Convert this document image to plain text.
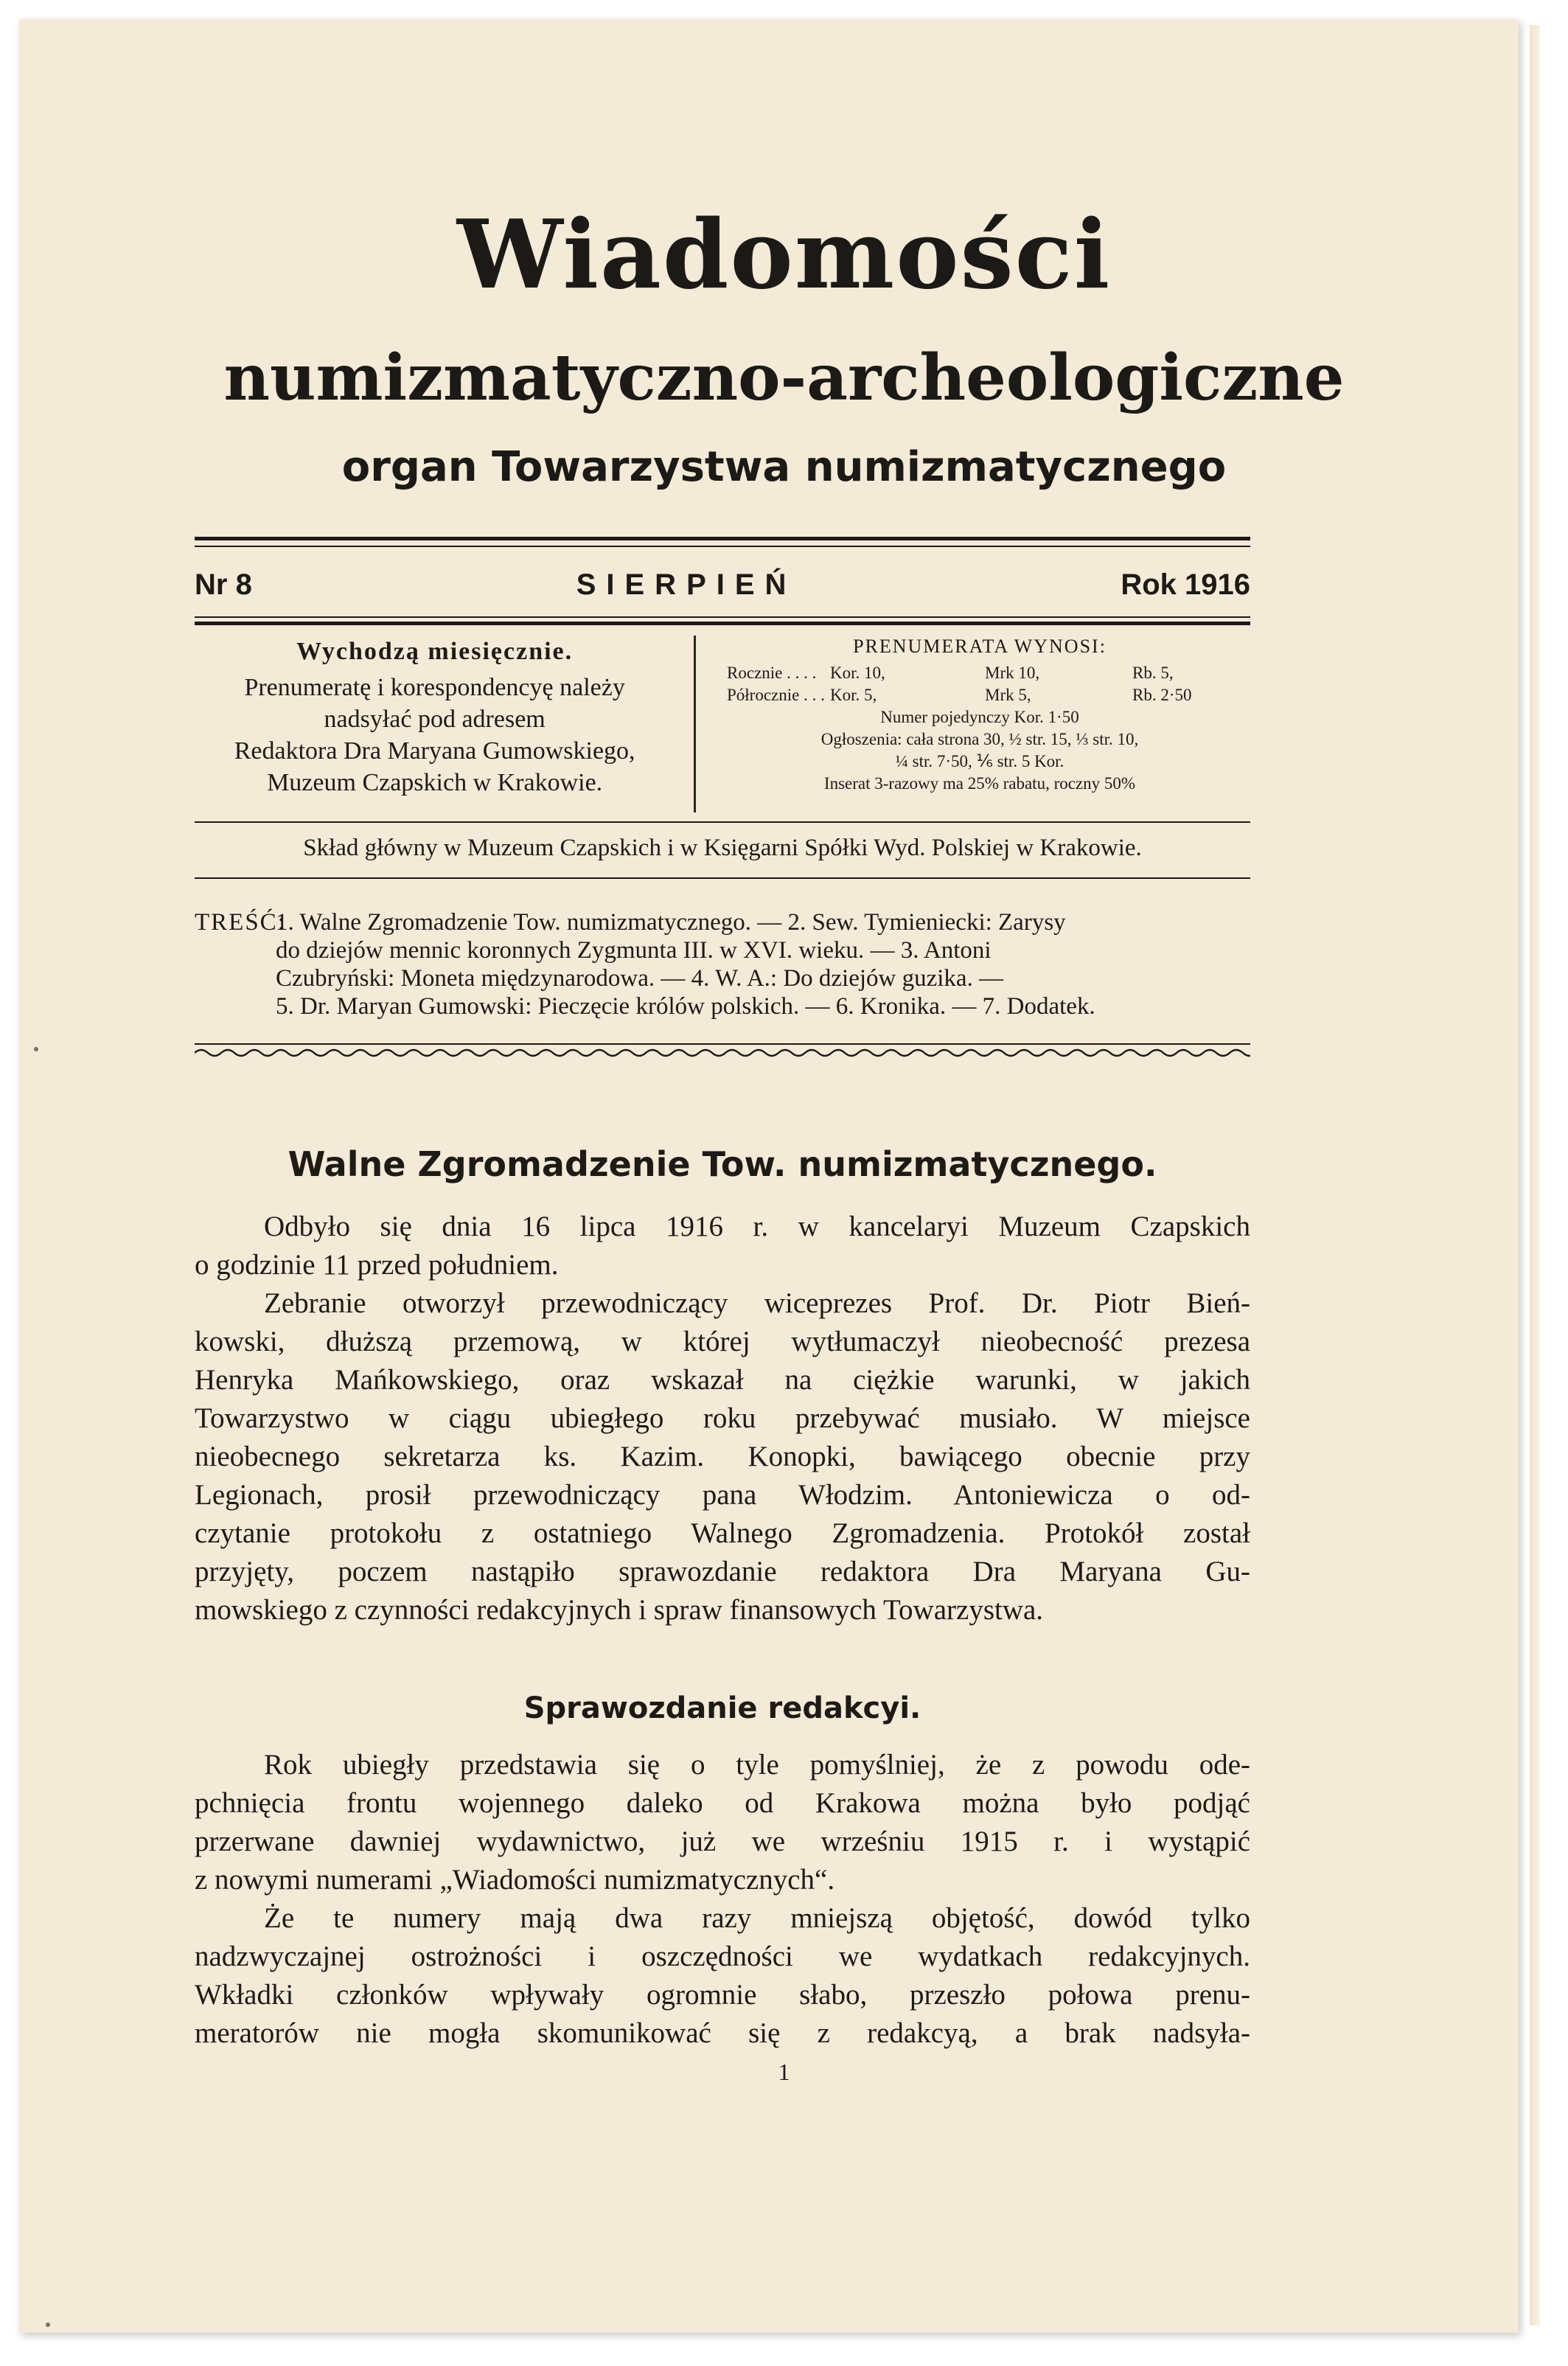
Wiadomości
numizmatyczno-archeologiczne
organ Towarzystwa numizmatycznego
Nr 8	SIERPIEŃ	Rok 1916
Wychodzą miesięcznie.
Prenumeratę i korespondencyę należy
nadsyłać pod adresem
Redaktora Dra Maryana Gumowskiego,
Muzeum Czapskich w Krakowie.
PRENUMERATA WYNOSI:
Rocznie . . . . Kor. 10,	Mrk 10,	Rb. 5,
Półrocznie . . . Kor. 5,	Mrk 5,	Rb. 2·50
Numer pojedynczy Kor. 1·50
Ogłoszenia: cała strona 30, ½ str. 15, ⅓ str. 10,
¼ str. 7·50, ⅙ str. 5 Kor.
Inserat 3-razowy ma 25% rabatu, roczny 50%
Skład główny w Muzeum Czapskich i w Księgarni Spółki Wyd. Polskiej w Krakowie.
TREŚĆ:
1. Walne Zgromadzenie Tow. numizmatycznego. — 2. Sew. Tymieniecki: Zarysy
do dziejów mennic koronnych Zygmunta III. w XVI. wieku. — 3. Antoni
Czubryński: Moneta międzynarodowa. — 4. W. A.: Do dziejów guzika. —
5. Dr. Maryan Gumowski: Pieczęcie królów polskich. — 6. Kronika. — 7. Dodatek.
Walne Zgromadzenie Tow. numizmatycznego.
Odbyło się dnia 16 lipca 1916 r. w kancelaryi Muzeum Czapskich
o godzinie 11 przed południem.
Zebranie otworzył przewodniczący wiceprezes Prof. Dr. Piotr Bień-
kowski, dłuższą przemową, w której wytłumaczył nieobecność prezesa
Henryka Mańkowskiego, oraz wskazał na ciężkie warunki, w jakich
Towarzystwo w ciągu ubiegłego roku przebywać musiało. W miejsce
nieobecnego sekretarza ks. Kazim. Konopki, bawiącego obecnie przy
Legionach, prosił przewodniczący pana Włodzim. Antoniewicza o od-
czytanie protokołu z ostatniego Walnego Zgromadzenia. Protokół został
przyjęty, poczem nastąpiło sprawozdanie redaktora Dra Maryana Gu-
mowskiego z czynności redakcyjnych i spraw finansowych Towarzystwa.
Sprawozdanie redakcyi.
Rok ubiegły przedstawia się o tyle pomyślniej, że z powodu ode-
pchnięcia frontu wojennego daleko od Krakowa można było podjąć
przerwane dawniej wydawnictwo, już we wrześniu 1915 r. i wystąpić
z nowymi numerami „Wiadomości numizmatycznych“.
Że te numery mają dwa razy mniejszą objętość, dowód tylko
nadzwyczajnej ostrożności i oszczędności we wydatkach redakcyjnych.
Wkładki członków wpływały ogromnie słabo, przeszło połowa prenu-
meratorów nie mogła skomunikować się z redakcyą, a brak nadsyła-
1
